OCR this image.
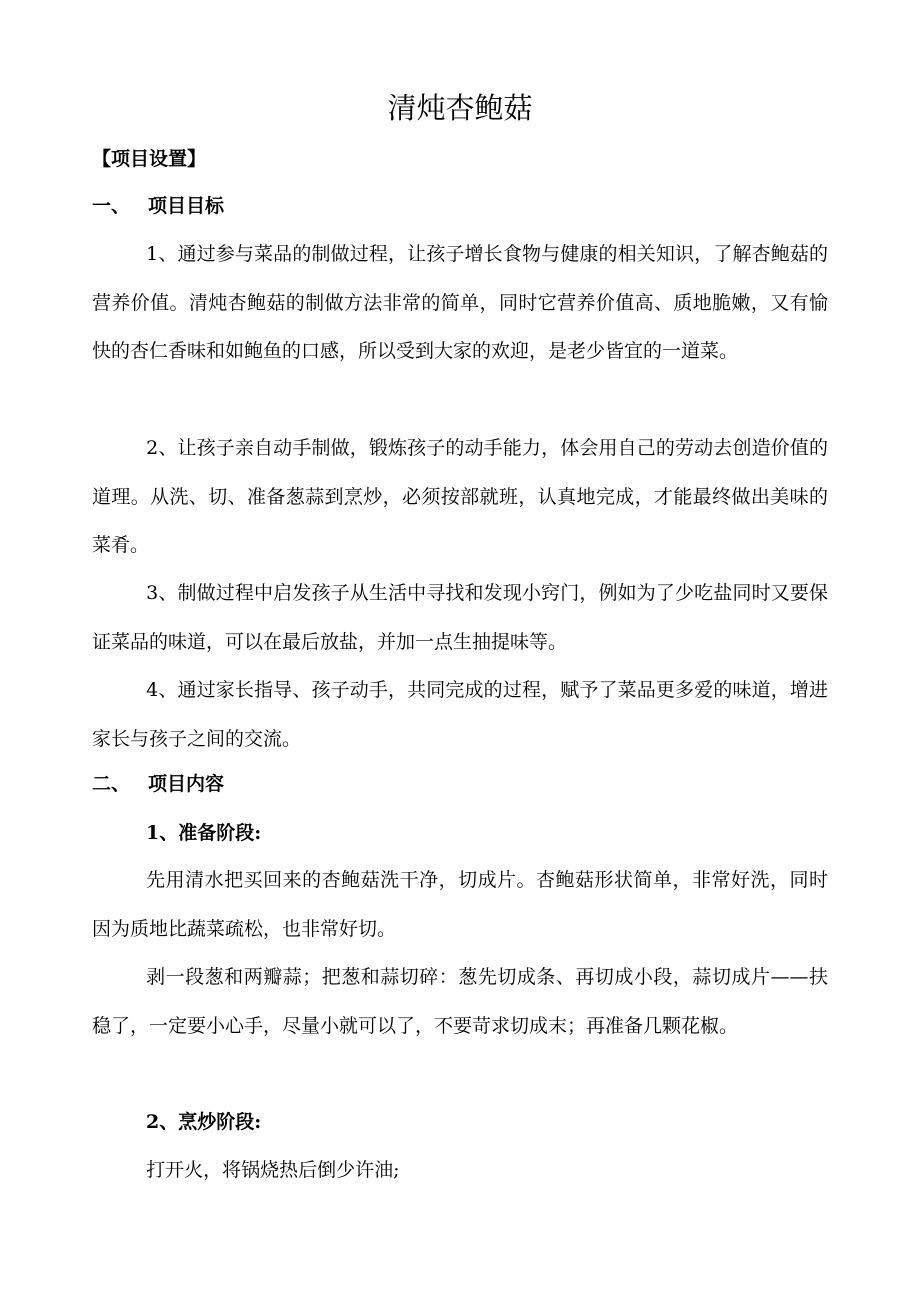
清炖杏鲍菇
【项目设置】
一、 项目目标

1、通过参与菜品的制做过程，让孩子增长食物与健康的相关知识，了解杏鲍菇的营养价值。清炖杏鲍菇的制做方法非常的简单，同时它营养价值高、质地脆嫩，又有愉快的杏仁香味和如鲍鱼的口感，所以受到大家的欢迎，是老少皆宜的一道菜。

2、让孩子亲自动手制做，锻炼孩子的动手能力，体会用自己的劳动去创造价值的道理。从洗、切、准备葱蒜到烹炒，必须按部就班，认真地完成，才能最终做出美味的菜肴。

3、制做过程中启发孩子从生活中寻找和发现小窍门，例如为了少吃盐同时又要保证菜品的味道，可以在最后放盐，并加一点生抽提味等。

4、通过家长指导、孩子动手，共同完成的过程，赋予了菜品更多爱的味道，增进家长与孩子之间的交流。

二、 项目内容
1、准备阶段:

先用清水把买回来的杏鲍菇洗干净，切成片。杏鲍菇形状简单，非常好洗，同时因为质地比蔬菜疏松，也非常好切。

剥一段葱和两瓣蒜；把葱和蒜切碎：葱先切成条、再切成小段，蒜切成片——扶稳了，一定要小心手，尽量小就可以了，不要苛求切成末；再准备几颗花椒。

2、烹炒阶段:

打开火，将锅烧热后倒少许油;
